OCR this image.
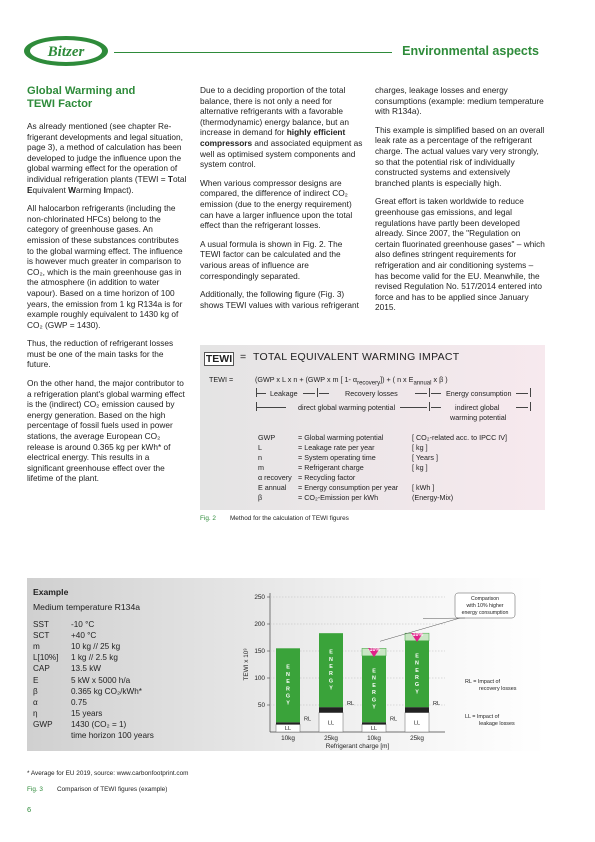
Bitzer	Environmental aspects
Global Warming and
TEWI Factor

As already mentioned (see chapter Re-frigerant developments and legal situation, page 3), a method of calculation has been developed to judge the influence upon the global warming effect for the operation of individual refrigeration plants (TEWI = Total Equivalent Warming Impact).

All halocarbon refrigerants (including the non-chlorinated HFCs) belong to the category of greenhouse gases. An emission of these substances contributes to the global warming effect. The influence is however much greater in comparison to CO₂, which is the main greenhouse gas in the atmosphere (in addition to water vapour). Based on a time horizon of 100 years, the emission from 1 kg R134a is for example roughly equivalent to 1430 kg of CO₂ (GWP = 1430).

Thus, the reduction of refrigerant losses must be one of the main tasks for the future.

On the other hand, the major contributor to a refrigeration plant's global warming effect is the (indirect) CO₂ emission caused by energy generation. Based on the high percentage of fossil fuels used in power stations, the average European CO₂ release is around 0.365 kg per kWh* of electrical energy. This results in a significant greenhouse effect over the lifetime of the plant.

Due to a deciding proportion of the total balance, there is not only a need for alternative refrigerants with a favorable (thermodynamic) energy balance, but an increase in demand for highly efficient compressors and associated equipment as well as optimised system components and system control.

When various compressor designs are compared, the difference of indirect CO₂ emission (due to the energy requirement) can have a larger influence upon the total effect than the refrigerant losses.

A usual formula is shown in Fig. 2. The TEWI factor can be calculated and the various areas of influence are correspondingly separated.

Additionally, the following figure (Fig. 3) shows TEWI values with various refrigerant

charges, leakage losses and energy consumptions (example: medium temperature with R134a).

This example is simplified based on an overall leak rate as a percentage of the refrigerant charge. The actual values vary very strongly, so that the potential risk of individually constructed systems and extensively branched plants is especially high.

Great effort is taken worldwide to reduce greenhouse gas emissions, and legal regulations have partly been developed already. Since 2007, the "Regulation on certain fluorinated greenhouse gases" – which also defines stringent requirements for refrigeration and air conditioning systems – has become valid for the EU. Meanwhile, the revised Regulation No. 517/2014 entered into force and has to be applied since January 2015.

TEWI = TOTAL EQUIVALENT WARMING IMPACT
TEWI =	(GWP x L x n + (GWP x m [ 1- $\alpha_{recovery}$]) + ( n x $E_{annual}$ x β )
Leakage	Recovery losses	Energy consumption
direct global warming potential	indirect global
warming potential
GWP	= Global warming potential	[ CO₂-related acc. to IPCC IV]
L	= Leakage rate per year	[ kg ]
n	= System operating time	[ Years ]
m	= Refrigerant charge	[ kg ]
α recovery = Recycling factor
E annual = Energy consumption per year [ kWh ]
β	= CO₂-Emission per kWh	(Energy-Mix)
Fig. 2 Method for the calculation of TEWI figures
Example
Medium temperature R134a
SST	-10 °C
SCT	+40 °C
m	10 kg // 25 kg
L[10%] 1 kg // 2.5 kg
CAP	13.5 kW
E	5 kW x 5000 h/a
β	0.365 kg CO₂/kWh*
α	0.75
η	15 years
GWP 1430 (CO₂ = 1)
time horizon 100 years
50
100
150
200
250
TEWI x 10³
LL
RL
E
N
E
R
G
Y
10kg
LL
RL
E
N
E
R
G
Y
25kg
LL
RL
E
N
E
R
G
Y
10kg
LL
RL
E
N
E
R
G
Y
25kg
-10%
-10%
Comparison
with 10% higher
energy consumption
Refrigerant charge [m]
RL = Impact of
recovery losses
LL = Impact of
leakage losses
* Average for EU 2019, source: www.carbonfootprint.com
Fig. 3 Comparison of TEWI figures (example)
6
